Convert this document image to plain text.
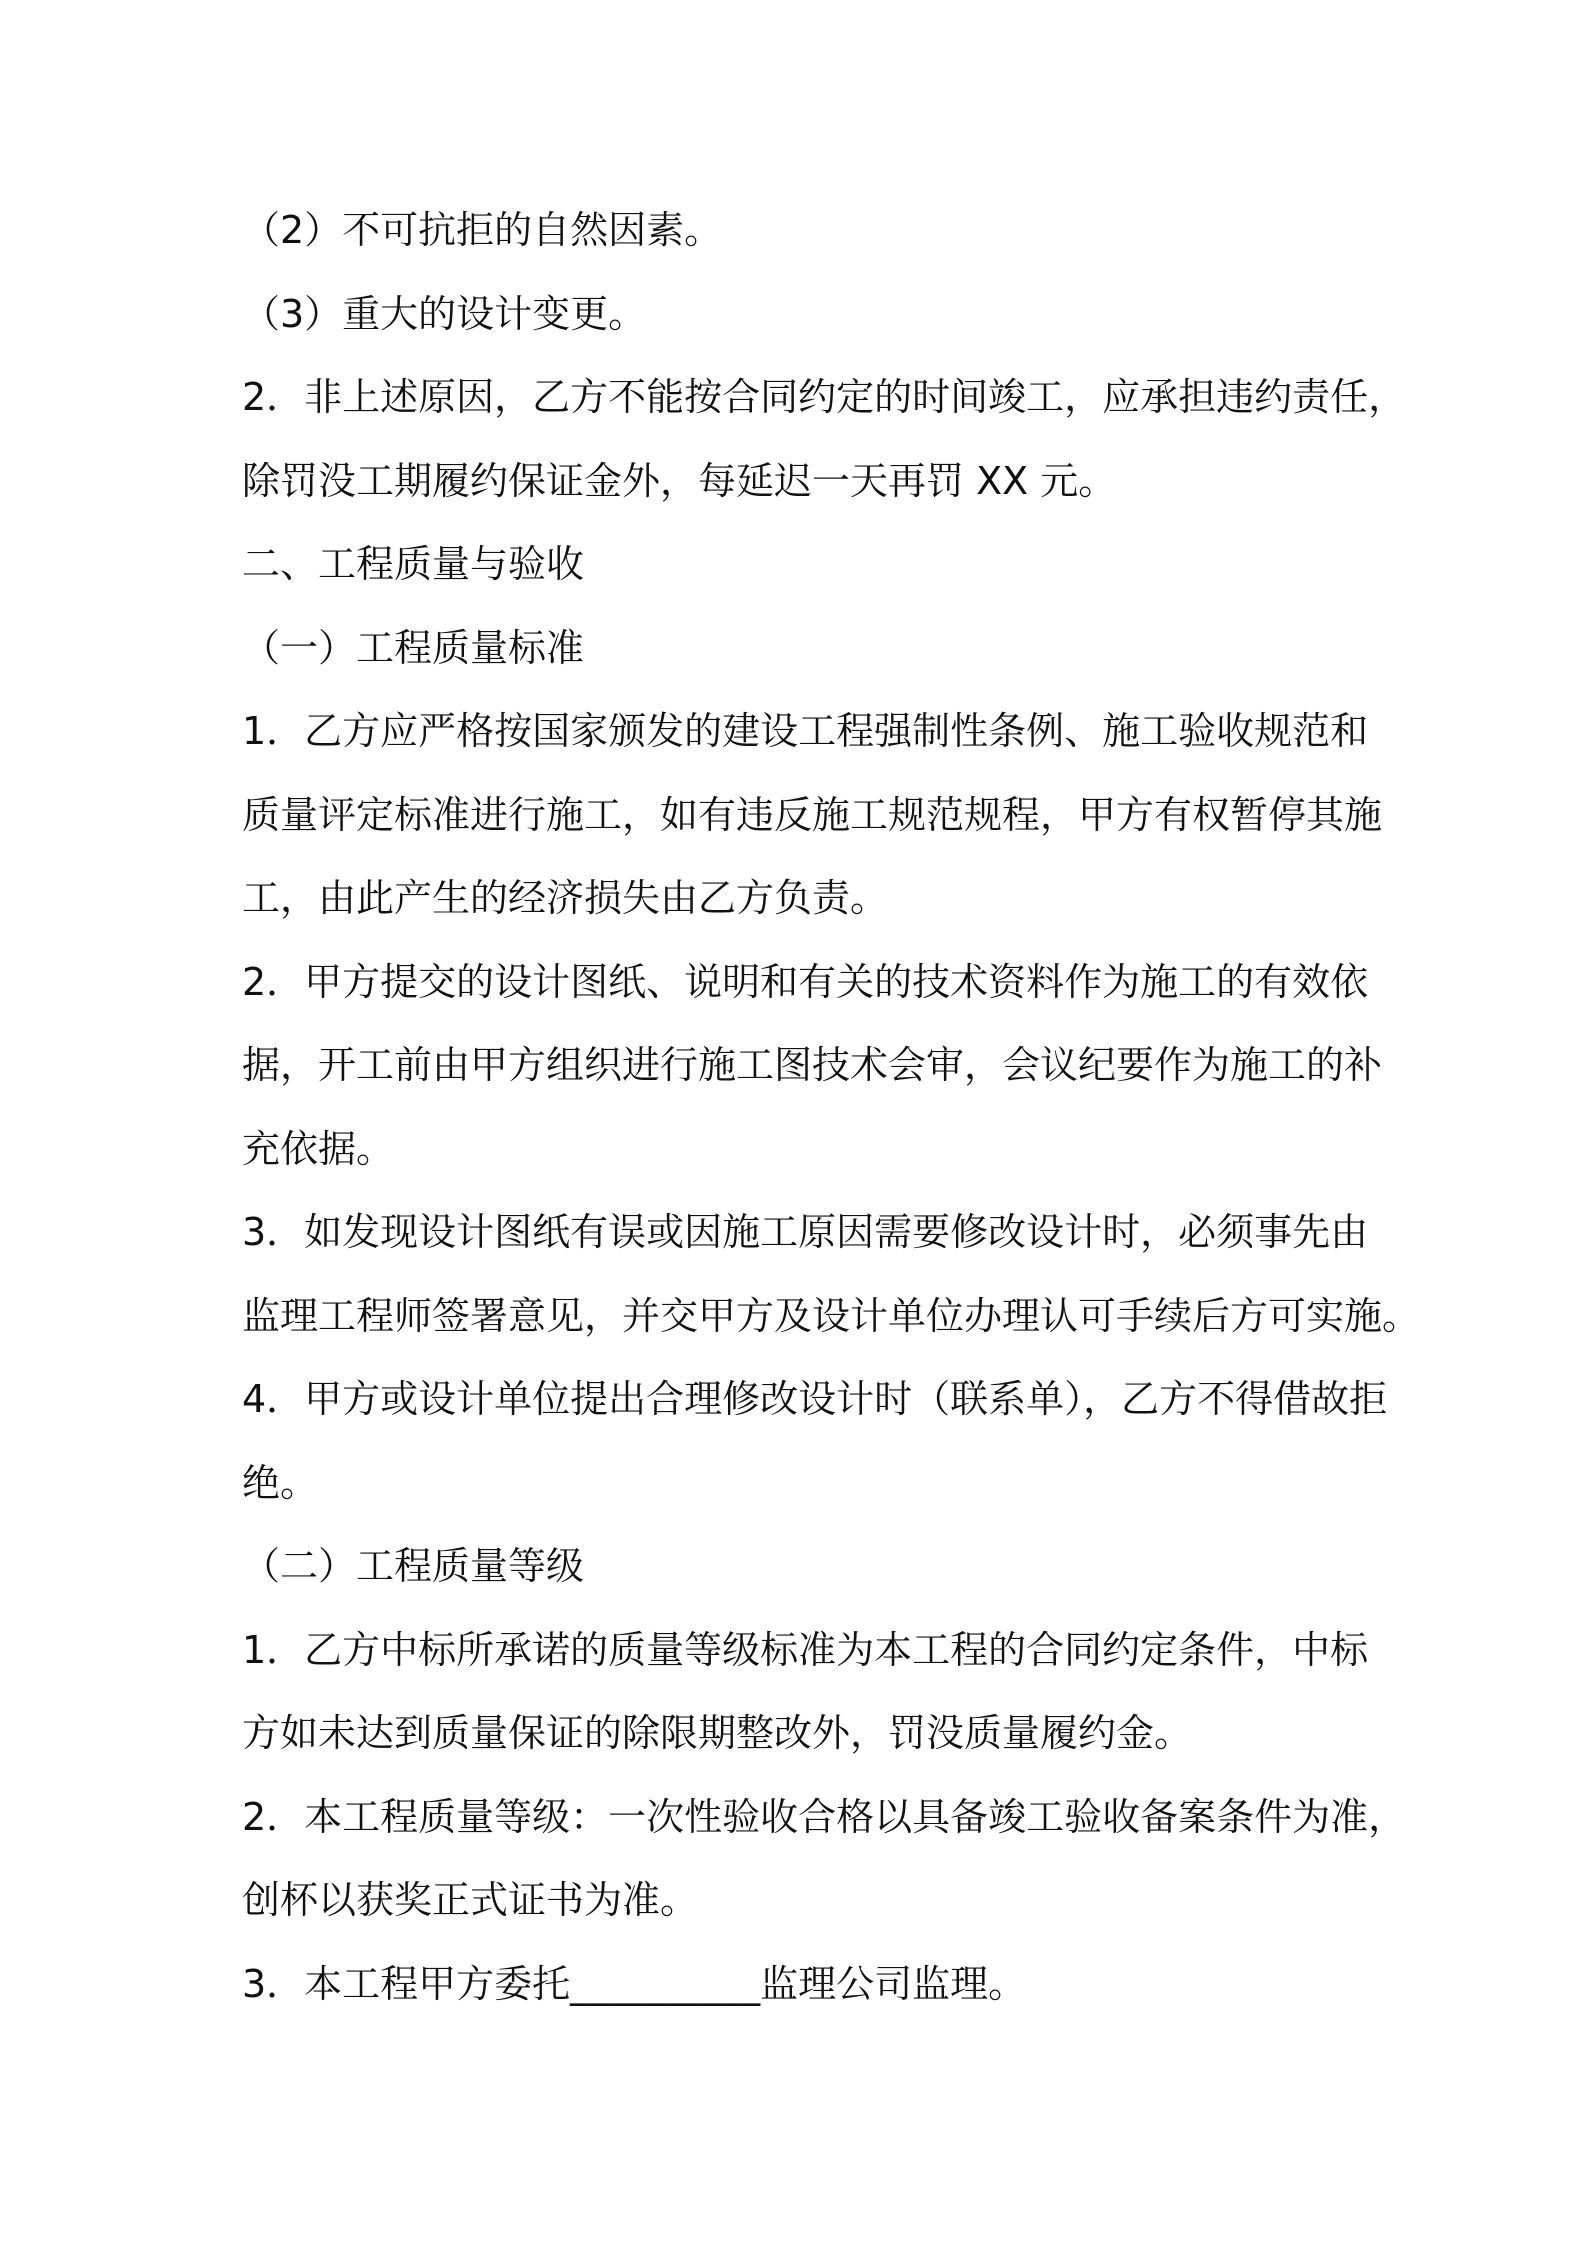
（2）不可抗拒的自然因素。
（3）重大的设计变更。
2．非上述原因，乙方不能按合同约定的时间竣工，应承担违约责任，
除罚没工期履约保证金外，每延迟一天再罚 XX 元。
二、工程质量与验收
（一）工程质量标准
1．乙方应严格按国家颁发的建设工程强制性条例、施工验收规范和
质量评定标准进行施工，如有违反施工规范规程，甲方有权暂停其施
工，由此产生的经济损失由乙方负责。
2．甲方提交的设计图纸、说明和有关的技术资料作为施工的有效依
据，开工前由甲方组织进行施工图技术会审，会议纪要作为施工的补
充依据。
3．如发现设计图纸有误或因施工原因需要修改设计时，必须事先由
监理工程师签署意见，并交甲方及设计单位办理认可手续后方可实施。
4．甲方或设计单位提出合理修改设计时（联系单），乙方不得借故拒
绝。
（二）工程质量等级
1．乙方中标所承诺的质量等级标准为本工程的合同约定条件，中标
方如未达到质量保证的除限期整改外，罚没质量履约金。
2．本工程质量等级：一次性验收合格以具备竣工验收备案条件为准，
创杯以获奖正式证书为准。
3．本工程甲方委托__________监理公司监理。
